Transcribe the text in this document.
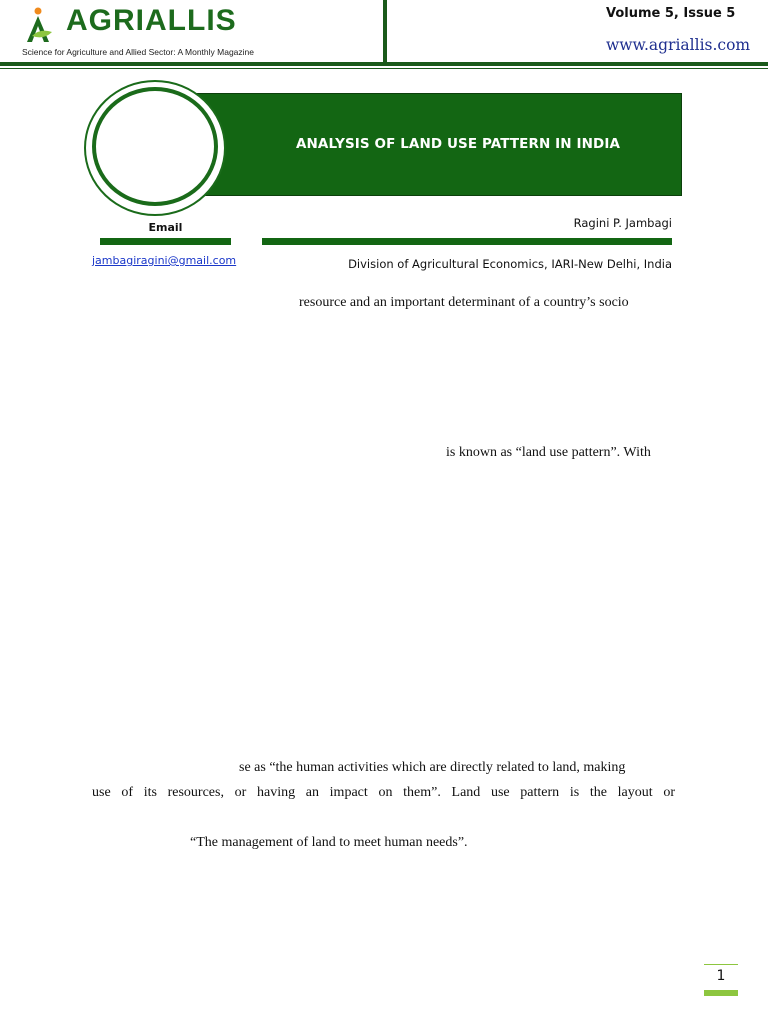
AGRIALLIS
Science for Agriculture and Allied Sector: A Monthly Magazine
Volume 5, Issue 5
www.agriallis.com
ANALYSIS OF LAND USE PATTERN IN INDIA
Email
jambagiragini@gmail.com
Ragini P. Jambagi
Division of Agricultural Economics, IARI-New Delhi, India
resource and an important determinant of a country’s socio
is known as “land use pattern”. With
se as “the human activities which are directly related to land, making
use of its resources, or having an impact on them”. Land use pattern is the layout or
“The management of land to meet human needs”.
1
